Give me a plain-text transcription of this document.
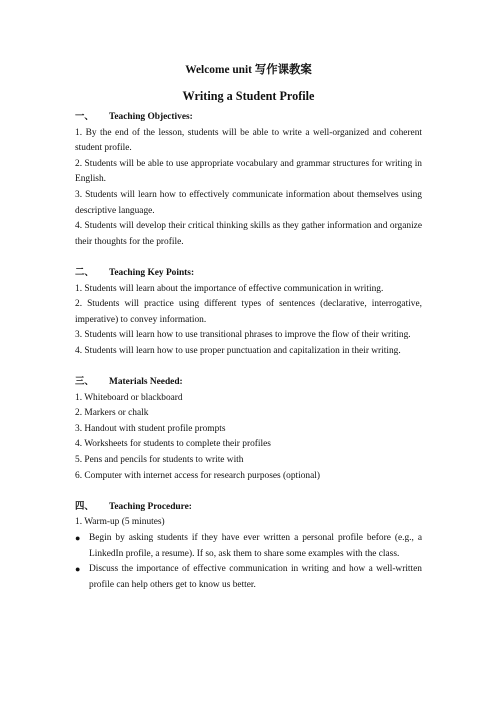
Welcome unit 写作课教案
Writing a Student Profile
一、	Teaching Objectives:

1. By the end of the lesson, students will be able to write a well-organized and coherent student profile.

2. Students will be able to use appropriate vocabulary and grammar structures for writing in English.

3. Students will learn how to effectively communicate information about themselves using descriptive language.

4. Students will develop their critical thinking skills as they gather information and organize their thoughts for the profile.

二、	Teaching Key Points:

1. Students will learn about the importance of effective communication in writing.

2. Students will practice using different types of sentences (declarative, interrogative, imperative) to convey information.

3. Students will learn how to use transitional phrases to improve the flow of their writing.

4. Students will learn how to use proper punctuation and capitalization in their writing.

三、	Materials Needed:

1. Whiteboard or blackboard

2. Markers or chalk

3. Handout with student profile prompts

4. Worksheets for students to complete their profiles

5. Pens and pencils for students to write with

6. Computer with internet access for research purposes (optional)

四、	Teaching Procedure:

1. Warm-up (5 minutes)

● Begin by asking students if they have ever written a personal profile before (e.g., a LinkedIn profile, a resume). If so, ask them to share some examples with the class.
● Discuss the importance of effective communication in writing and how a well-written profile can help others get to know us better.
